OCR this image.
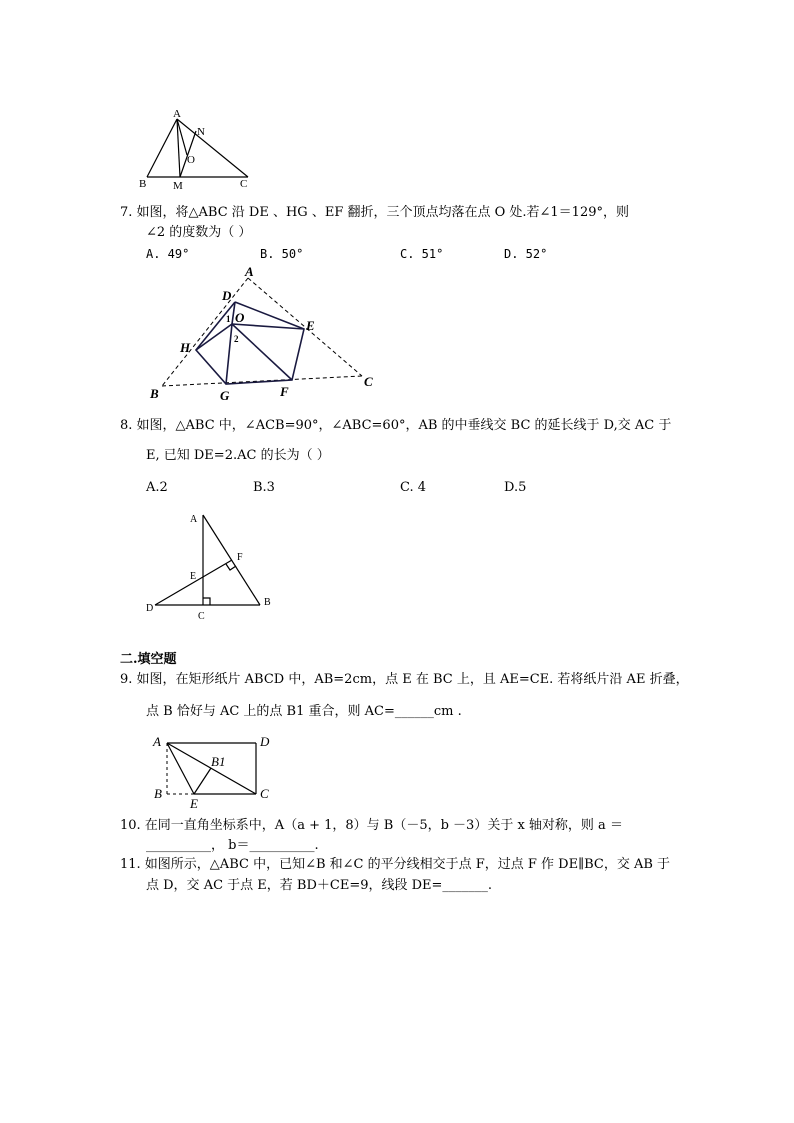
A
N
O
B M	C
7. 如图，将△ABC 沿 DE 、HG 、EF 翻折，三个顶点均落在点 O 处.若∠1＝129°，则
∠2 的度数为（ ）
A. 49°	B. 50°	C. 51°	D. 52°
A
D
O
E
H
B	G	F
C
1
2
8. 如图，△ABC 中，∠ACB=90°，∠ABC=60°，AB 的中垂线交 BC 的延长线于 D,交 AC 于
E, 已知 DE=2.AC 的长为（ ）
A.2	B.3	C. 4	D.5
A
F
E
D
C
B
二.填空题
9. 如图，在矩形纸片 ABCD 中，AB=2cm，点 E 在 BC 上，且 AE=CE. 若将纸片沿 AE 折叠，
点 B 恰好与 AC 上的点 B1 重合，则 AC=______cm .
A	D
B1
B
E
C
10. 在同一直角坐标系中，A（a + 1，8）与 B（－5，b －3）关于 x 轴对称，则 a ＝
__________， b＝__________.
11. 如图所示，△ABC 中，已知∠B 和∠C 的平分线相交于点 F，过点 F 作 DE∥BC，交 AB 于
点 D，交 AC 于点 E，若 BD＋CE=9，线段 DE=_______.
